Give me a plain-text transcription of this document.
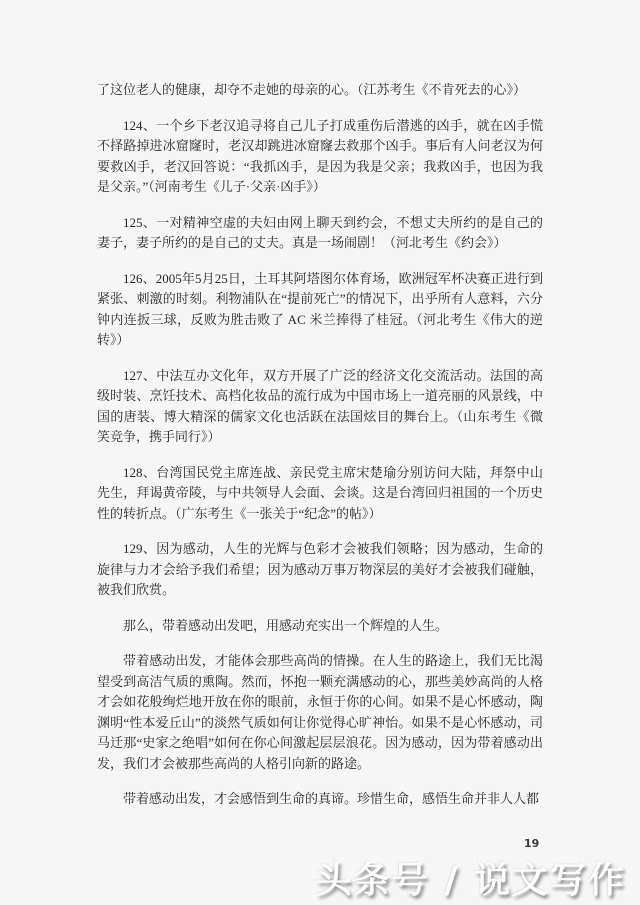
了这位老人的健康，却夺不走她的母亲的心。（江苏考生《不肯死去的心》）

124、一个乡下老汉追寻将自己儿子打成重伤后潜逃的凶手，就在凶手慌不择路掉进冰窟窿时，老汉却跳进冰窟窿去救那个凶手。事后有人问老汉为何要救凶手，老汉回答说：“我抓凶手，是因为我是父亲；我救凶手，也因为我是父亲。”（河南考生《儿子·父亲·凶手》）

125、一对精神空虚的夫妇由网上聊天到约会，不想丈夫所约的是自己的妻子，妻子所约的是自己的丈夫。真是一场闹剧！（河北考生《约会》）

126、2005年5月25日，土耳其阿塔图尔体育场，欧洲冠军杯决赛正进行到紧张、刺激的时刻。利物浦队在“提前死亡”的情况下，出乎所有人意料，六分钟内连扳三球，反败为胜击败了 AC 米兰捧得了桂冠。（河北考生《伟大的逆转》）

127、中法互办文化年，双方开展了广泛的经济文化交流活动。法国的高级时装、烹饪技术、高档化妆品的流行成为中国市场上一道亮丽的风景线，中国的唐装、博大精深的儒家文化也活跃在法国炫目的舞台上。（山东考生《微笑竞争，携手同行》）

128、台湾国民党主席连战、亲民党主席宋楚瑜分别访问大陆，拜祭中山先生，拜谒黄帝陵，与中共领导人会面、会谈。这是台湾回归祖国的一个历史性的转折点。（广东考生《一张关于“纪念”的帖》）

129、因为感动，人生的光辉与色彩才会被我们领略；因为感动，生命的旋律与力才会给予我们希望；因为感动万事万物深层的美好才会被我们碰触，被我们欣赏。

那么，带着感动出发吧，用感动充实出一个辉煌的人生。

带着感动出发，才能体会那些高尚的情操。在人生的路途上，我们无比渴望受到高洁气质的熏陶。然而，怀抱一颗充满感动的心，那些美妙高尚的人格才会如花般绚烂地开放在你的眼前，永恒于你的心间。如果不是心怀感动，陶渊明“性本爱丘山”的淡然气质如何让你觉得心旷神怡。如果不是心怀感动，司马迁那“史家之绝唱”如何在你心间激起层层浪花。因为感动，因为带着感动出发，我们才会被那些高尚的人格引向新的路途。

带着感动出发，才会感悟到生命的真谛。珍惜生命，感悟生命并非人人都

19
头条号 / 说文写作
